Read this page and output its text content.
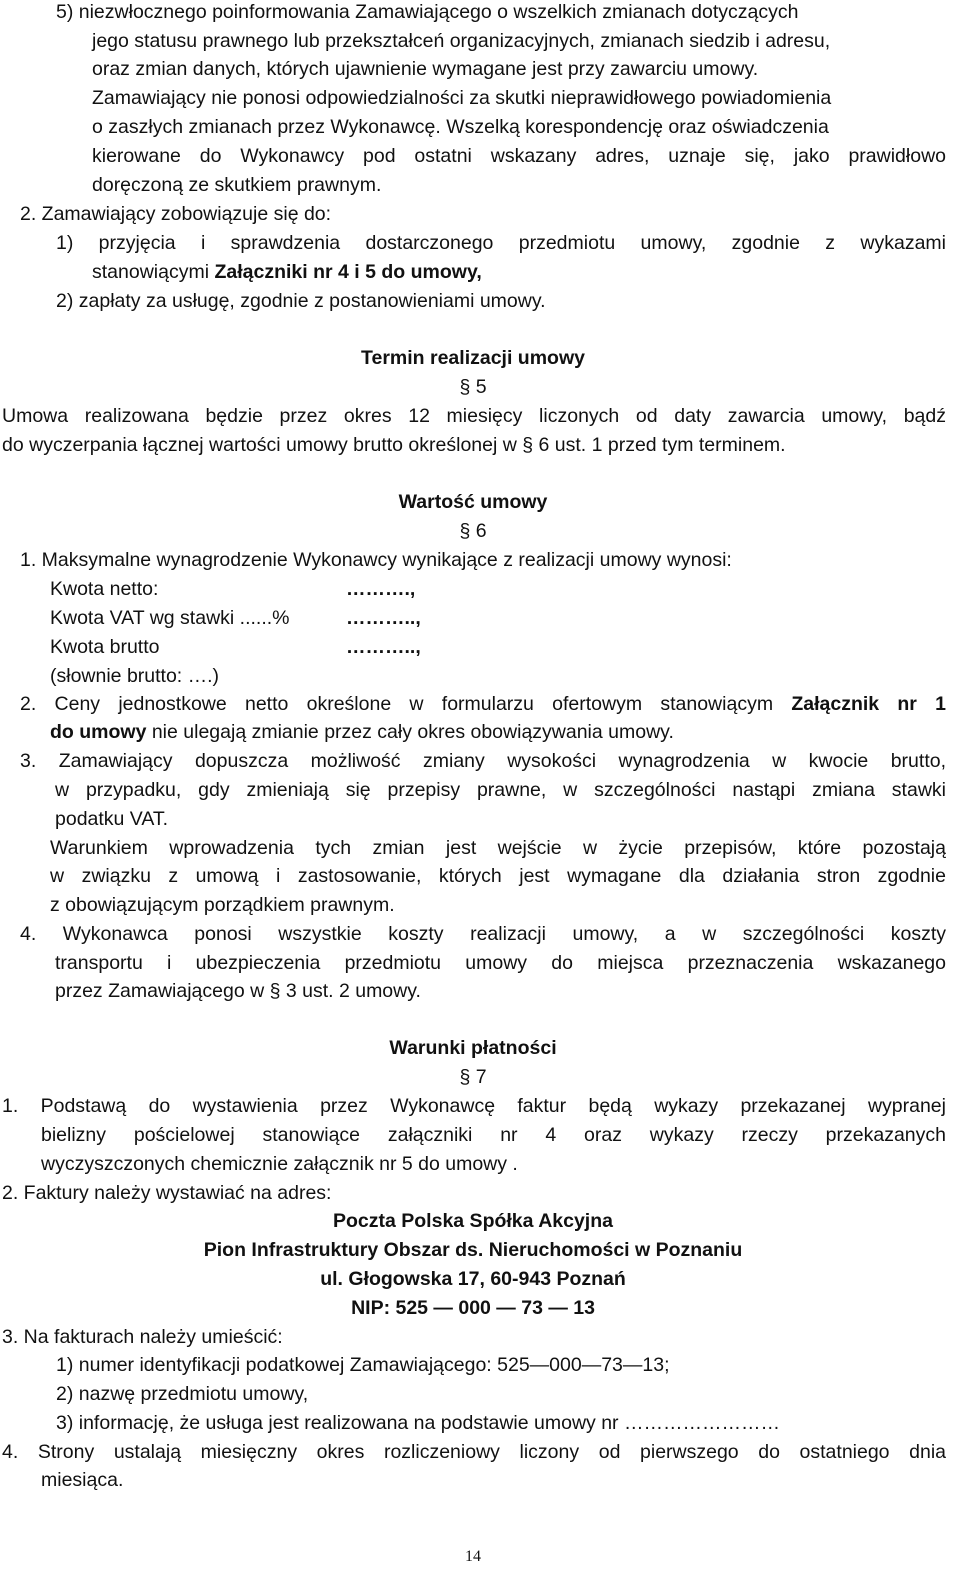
5) niezwłocznego poinformowania Zamawiającego o wszelkich zmianach dotyczących
jego statusu prawnego lub przekształceń organizacyjnych, zmianach siedzib i adresu,
oraz zmian danych, których ujawnienie wymagane jest przy zawarciu umowy.
Zamawiający nie ponosi odpowiedzialności za skutki nieprawidłowego powiadomienia
o zaszłych zmianach przez Wykonawcę. Wszelką korespondencję oraz oświadczenia
kierowane do Wykonawcy pod ostatni wskazany adres, uznaje się, jako prawidłowo
doręczoną ze skutkiem prawnym.
2. Zamawiający zobowiązuje się do:
1) przyjęcia i sprawdzenia dostarczonego przedmiotu umowy, zgodnie z wykazami
stanowiącymi Załączniki nr 4 i 5 do umowy,
2) zapłaty za usługę, zgodnie z postanowieniami umowy.
Termin realizacji umowy
§ 5
Umowa realizowana będzie przez okres 12 miesięcy liczonych od daty zawarcia umowy, bądź
do wyczerpania łącznej wartości umowy brutto określonej w § 6 ust. 1 przed tym terminem.
Wartość umowy
§ 6
1. Maksymalne wynagrodzenie Wykonawcy wynikające z realizacji umowy wynosi:
Kwota netto:	……….,
Kwota VAT wg stawki ......%	………..,
Kwota brutto	………..,
(słownie brutto: ….)
2. Ceny jednostkowe netto określone w formularzu ofertowym stanowiącym Załącznik nr 1
do umowy nie ulegają zmianie przez cały okres obowiązywania umowy.
3. Zamawiający dopuszcza możliwość zmiany wysokości wynagrodzenia w kwocie brutto,
w przypadku, gdy zmieniają się przepisy prawne, w szczególności nastąpi zmiana stawki
podatku VAT.
Warunkiem wprowadzenia tych zmian jest wejście w życie przepisów, które pozostają
w związku z umową i zastosowanie, których jest wymagane dla działania stron zgodnie
z obowiązującym porządkiem prawnym.
4. Wykonawca ponosi wszystkie koszty realizacji umowy, a w szczególności koszty
transportu i ubezpieczenia przedmiotu umowy do miejsca przeznaczenia wskazanego
przez Zamawiającego w § 3 ust. 2 umowy.
Warunki płatności
§ 7
1. Podstawą do wystawienia przez Wykonawcę faktur będą wykazy przekazanej wypranej
bielizny pościelowej stanowiące załączniki nr 4 oraz wykazy rzeczy przekazanych
wyczyszczonych chemicznie załącznik nr 5 do umowy .
2. Faktury należy wystawiać na adres:
Poczta Polska Spółka Akcyjna
Pion Infrastruktury Obszar ds. Nieruchomości w Poznaniu
ul. Głogowska 17, 60-943 Poznań
NIP: 525 — 000 — 73 — 13
3. Na fakturach należy umieścić:
1) numer identyfikacji podatkowej Zamawiającego: 525—000—73—13;
2) nazwę przedmiotu umowy,
3) informację, że usługa jest realizowana na podstawie umowy nr ……………………
4. Strony ustalają miesięczny okres rozliczeniowy liczony od pierwszego do ostatniego dnia
miesiąca.
14
